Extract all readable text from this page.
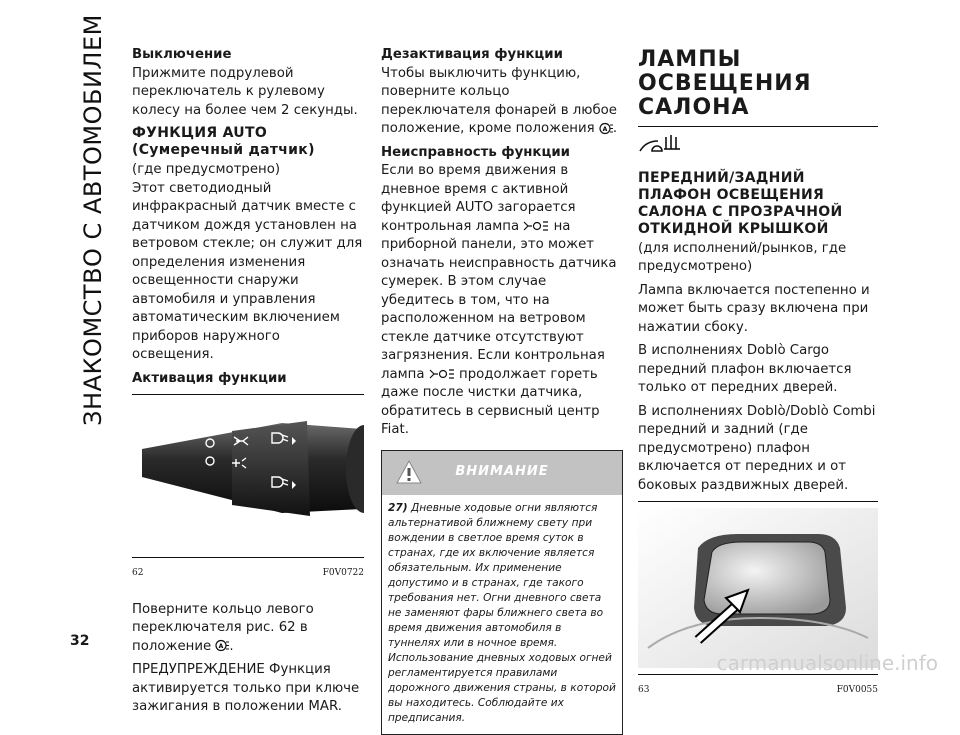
ЗНАКОМСТВО С АВТОМОБИЛЕМ Выключение

Прижмите подрулевой переключатель к рулевому колесу на более чем 2 секунды.

ФУНКЦИЯ AUTO (Сумеречный датчик)

(где предусмотрено)

Этот светодиодный инфракрасный датчик вместе с датчиком дождя установлен на ветровом стекле; он служит для определения изменения освещенности снаружи автомобиля и управления автоматическим включением приборов наружного освещения.

Активация функции
62	F0V0722

Поверните кольцо левого переключателя рис. 62 в положение A .

ПРЕДУПРЕЖДЕНИЕ Функция активируется только при ключе зажигания в положении MAR.

Дезактивация функции

Чтобы выключить функцию, поверните кольцо переключателя фонарей в любое положение, кроме положения A .

Неисправность функции

Если во время движения в дневное время с активной функцией AUTO загорается контрольная лампа	на приборной панели, это может означать неисправность датчика сумерек. В этом случае убедитесь в том, что на расположенном на ветровом стекле датчике отсутствуют загрязнения. Если контрольная лампа	продолжает гореть даже после чистки датчика, обратитесь в сервисный центр Fiat.

ВНИМАНИЕ
27) Дневные ходовые огни являются альтернативой ближнему свету при вождении в светлое время суток в странах, где их включение является обязательным. Их применение допустимо и в странах, где такого требования нет. Огни дневного света не заменяют фары ближнего света во время движения автомобиля в туннелях или в ночное время. Использование дневных ходовых огней регламентируется правилами дорожного движения страны, в которой вы находитесь. Соблюдайте их предписания.
ЛАМПЫ ОСВЕЩЕНИЯ САЛОНА
ПЕРЕДНИЙ/ЗАДНИЙ ПЛАФОН ОСВЕЩЕНИЯ САЛОНА С ПРОЗРАЧНОЙ ОТКИДНОЙ КРЫШКОЙ

(для исполнений/рынков, где предусмотрено)

Лампа включается постепенно и может быть сразу включена при нажатии сбоку.

В исполнениях Doblò Cargo передний плафон включается только от передних дверей.

В исполнениях Doblò/Doblò Combi передний и задний (где предусмотрено) плафон включается от передних и от боковых раздвижных дверей.

63	F0V0055
32
carmanualsonline.info
